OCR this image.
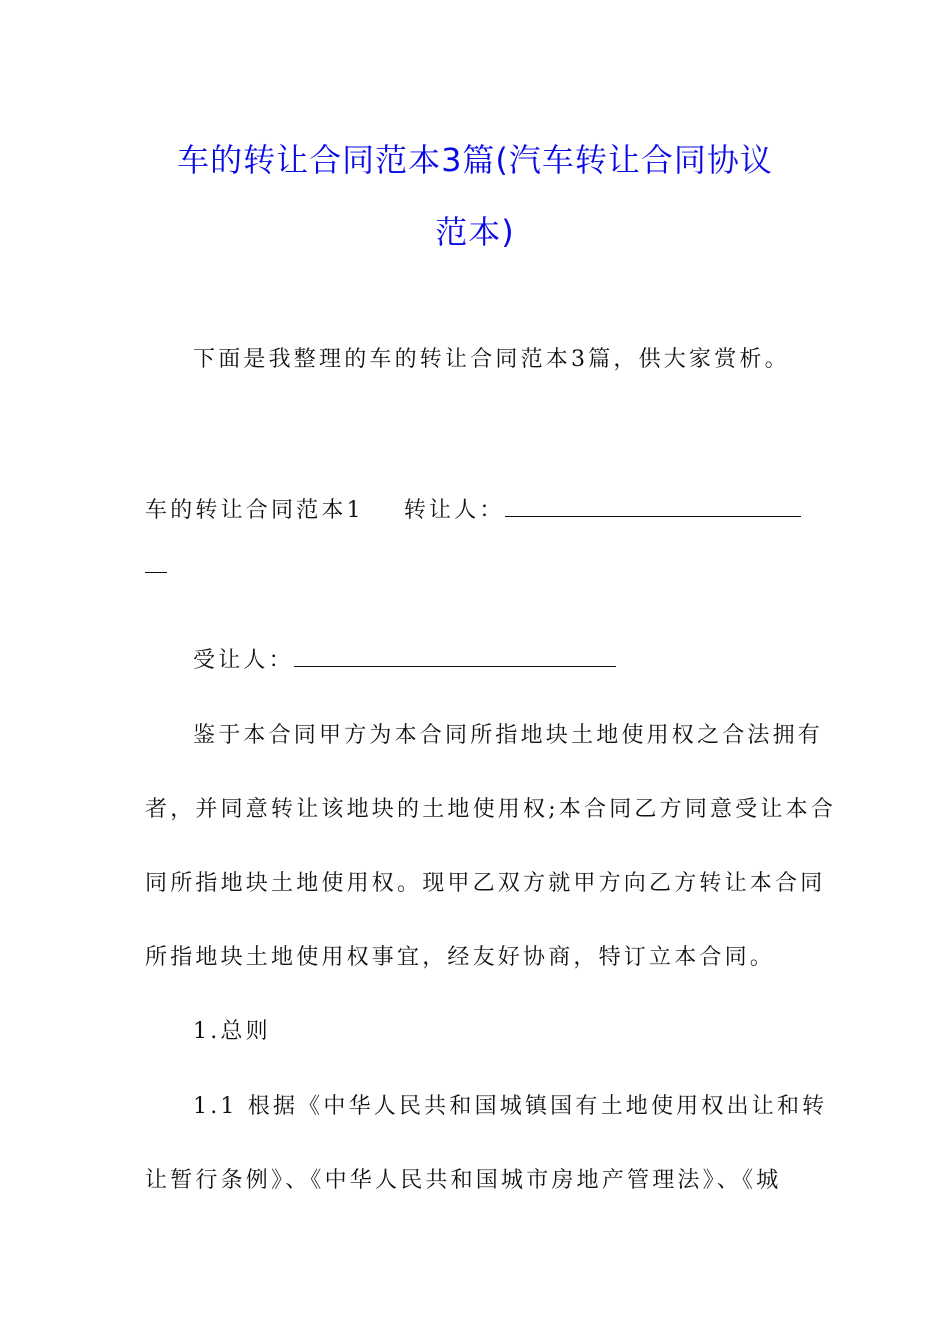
车的转让合同范本3篇(汽车转让合同协议
范本)
下面是我整理的车的转让合同范本3篇，供大家赏析。
车的转让合同范本1 转让人：
受让人：
鉴于本合同甲方为本合同所指地块土地使用权之合法拥有
者，并同意转让该地块的土地使用权;本合同乙方同意受让本合
同所指地块土地使用权。现甲乙双方就甲方向乙方转让本合同
所指地块土地使用权事宜，经友好协商，特订立本合同。
1.总则
1.1 根据《中华人民共和国城镇国有土地使用权出让和转
让暂行条例》、《中华人民共和国城市房地产管理法》、《城
